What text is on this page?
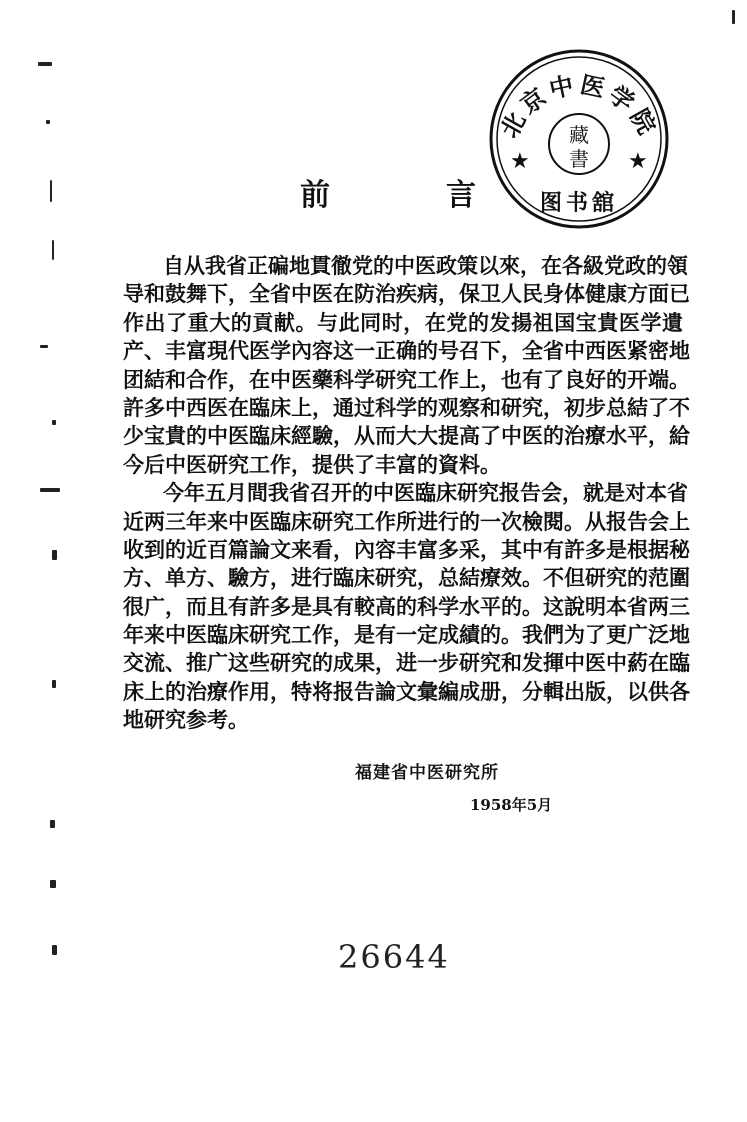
北京中医学院
藏
書
★	★
图书舘
前	言
自从我省正碥地貫徹党的中医政策以來，在各級党政的領
导和鼓舞下，全省中医在防治疾病，保卫人民身体健康方面已
作出了重大的貢献。与此同时，在党的发揚祖国宝貴医学遺
产、丰富現代医学內容这一正确的号召下，全省中西医紧密地
团結和合作，在中医藥科学研究工作上，也有了良好的开端。
許多中西医在臨床上，通过科学的观察和研究，初步总結了不
少宝貴的中医臨床經驗，从而大大提高了中医的治療水平，給
今后中医研究工作，提供了丰富的資料。
今年五月間我省召开的中医臨床研究报告会，就是对本省
近两三年来中医臨床研究工作所进行的一次檢閱。从报告会上
收到的近百篇論文来看，內容丰富多采，其中有許多是根据秘
方、单方、驗方，进行臨床研究，总結療效。不但研究的范圍
很广，而且有許多是具有較高的科学水平的。这說明本省两三
年来中医臨床研究工作，是有一定成績的。我們为了更广泛地
交流、推广这些研究的成果，进一步研究和发揮中医中葯在臨
床上的治療作用，特将报告論文彙編成册，分輯出版，以供各
地研究参考。
福建省中医研究所
1958年5月
26644
